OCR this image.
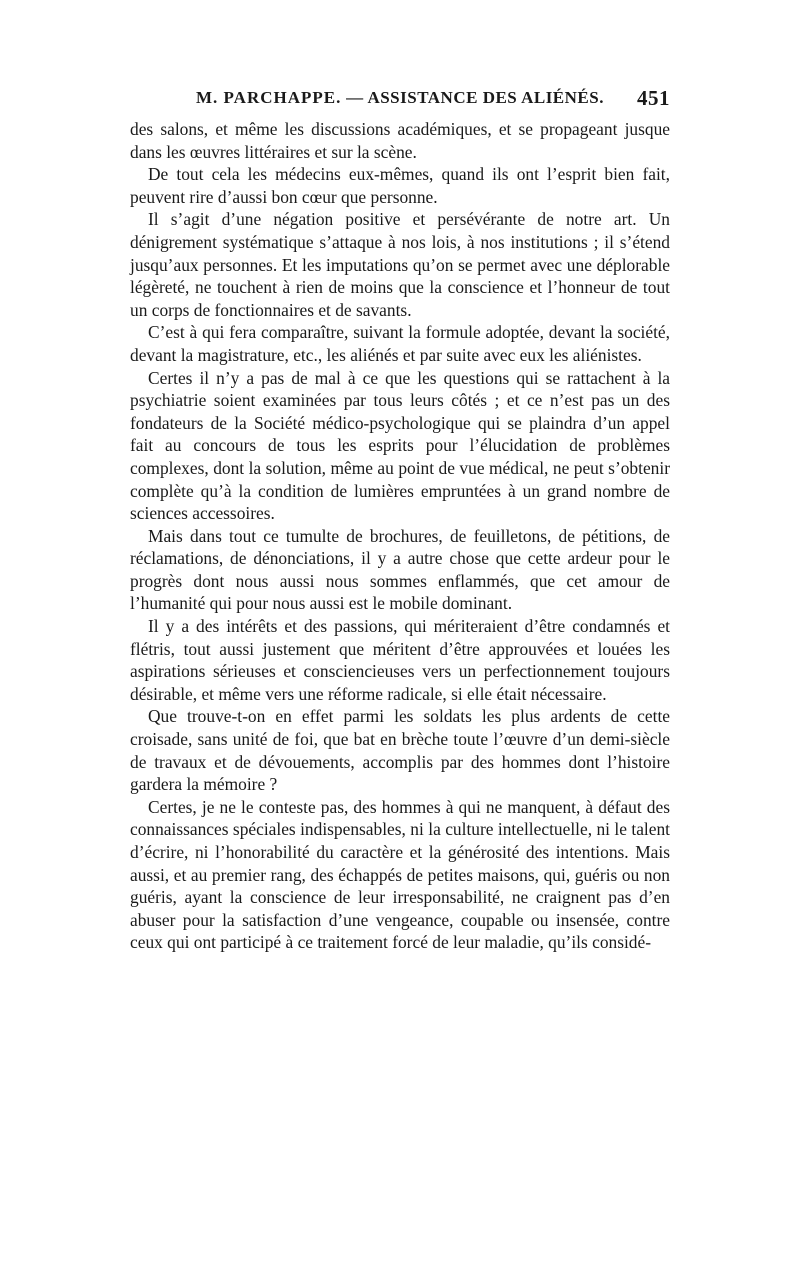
M. PARCHAPPE. — ASSISTANCE DES ALIÉNÉS. 451

des salons, et même les discussions académiques, et se propageant jusque dans les œuvres littéraires et sur la scène.

De tout cela les médecins eux-mêmes, quand ils ont l’esprit bien fait, peuvent rire d’aussi bon cœur que personne.

Il s’agit d’une négation positive et persévérante de notre art. Un dénigrement systématique s’attaque à nos lois, à nos institutions ; il s’étend jusqu’aux personnes. Et les imputations qu’on se permet avec une déplorable légèreté, ne touchent à rien de moins que la conscience et l’honneur de tout un corps de fonctionnaires et de savants.

C’est à qui fera comparaître, suivant la formule adoptée, devant la société, devant la magistrature, etc., les aliénés et par suite avec eux les aliénistes.

Certes il n’y a pas de mal à ce que les questions qui se rattachent à la psychiatrie soient examinées par tous leurs côtés ; et ce n’est pas un des fondateurs de la Société médico-psychologique qui se plaindra d’un appel fait au concours de tous les esprits pour l’élucidation de problèmes complexes, dont la solution, même au point de vue médical, ne peut s’obtenir complète qu’à la condition de lumières empruntées à un grand nombre de sciences accessoires.

Mais dans tout ce tumulte de brochures, de feuilletons, de pétitions, de réclamations, de dénonciations, il y a autre chose que cette ardeur pour le progrès dont nous aussi nous sommes enflammés, que cet amour de l’humanité qui pour nous aussi est le mobile dominant.

Il y a des intérêts et des passions, qui mériteraient d’être condamnés et flétris, tout aussi justement que méritent d’être approuvées et louées les aspirations sérieuses et consciencieuses vers un perfectionnement toujours désirable, et même vers une réforme radicale, si elle était nécessaire.

Que trouve-t-on en effet parmi les soldats les plus ardents de cette croisade, sans unité de foi, que bat en brèche toute l’œuvre d’un demi-siècle de travaux et de dévouements, accomplis par des hommes dont l’histoire gardera la mémoire ?

Certes, je ne le conteste pas, des hommes à qui ne manquent, à défaut des connaissances spéciales indispensables, ni la culture intellectuelle, ni le talent d’écrire, ni l’honorabilité du caractère et la générosité des intentions. Mais aussi, et au premier rang, des échappés de petites maisons, qui, guéris ou non guéris, ayant la conscience de leur irresponsabilité, ne craignent pas d’en abuser pour la satisfaction d’une vengeance, coupable ou insensée, contre ceux qui ont participé à ce traitement forcé de leur maladie, qu’ils considé-
